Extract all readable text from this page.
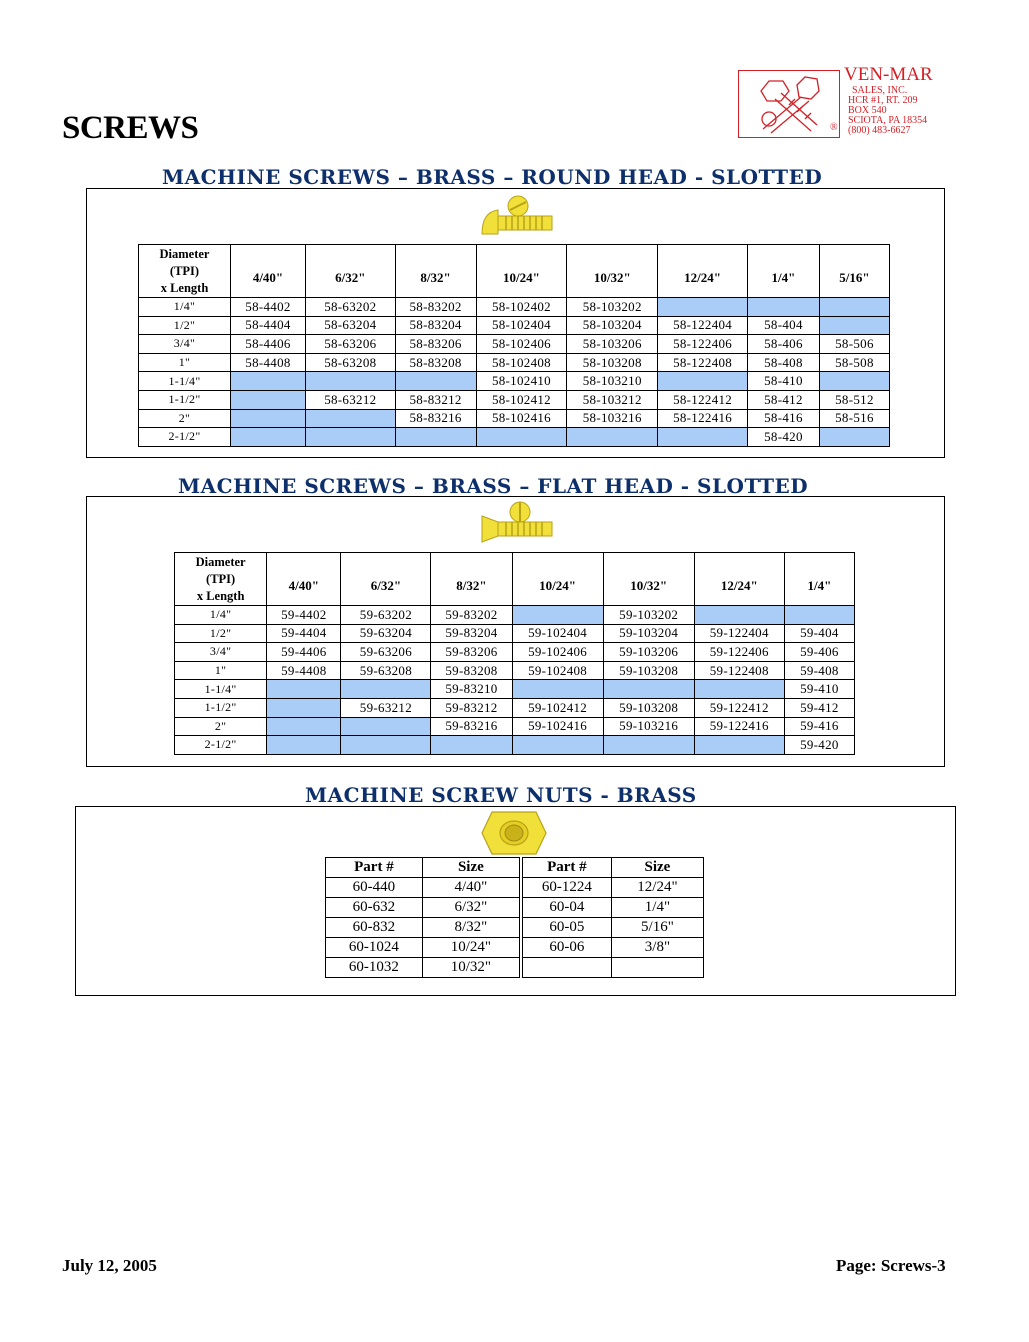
SCREWS
VEN-MAR
SALES, INC.
HCR #1, RT. 209
BOX 540
SCIOTA, PA 18354
(800) 483-6627
®
MACHINE SCREWS – BRASS – ROUND HEAD - SLOTTED
Diameter
(TPI)
x Length	4/40"	6/32"	8/32"	10/24"	10/32"	12/24"	1/4"	5/16"
1/4"	58-4402	58-63202	58-83202	58-102402	58-103202			
1/2"	58-4404	58-63204	58-83204	58-102404	58-103204	58-122404	58-404	
3/4"	58-4406	58-63206	58-83206	58-102406	58-103206	58-122406	58-406	58-506
1"	58-4408	58-63208	58-83208	58-102408	58-103208	58-122408	58-408	58-508
1-1/4"				58-102410	58-103210		58-410	
1-1/2"		58-63212	58-83212	58-102412	58-103212	58-122412	58-412	58-512
2"			58-83216	58-102416	58-103216	58-122416	58-416	58-516
2-1/2"							58-420	
MACHINE SCREWS – BRASS – FLAT HEAD - SLOTTED
Diameter
(TPI)
x Length	4/40"	6/32"	8/32"	10/24"	10/32"	12/24"	1/4"
1/4"	59-4402	59-63202	59-83202		59-103202		
1/2"	59-4404	59-63204	59-83204	59-102404	59-103204	59-122404	59-404
3/4"	59-4406	59-63206	59-83206	59-102406	59-103206	59-122406	59-406
1"	59-4408	59-63208	59-83208	59-102408	59-103208	59-122408	59-408
1-1/4"			59-83210				59-410
1-1/2"		59-63212	59-83212	59-102412	59-103208	59-122412	59-412
2"			59-83216	59-102416	59-103216	59-122416	59-416
2-1/2"							59-420
MACHINE SCREW NUTS - BRASS
Part #	Size	Part #	Size
60-440	4/40"	60-1224	12/24"
60-632	6/32"	60-04	1/4"
60-832	8/32"	60-05	5/16"
60-1024	10/24"	60-06	3/8"
60-1032	10/32"		
July 12, 2005	Page: Screws-3
